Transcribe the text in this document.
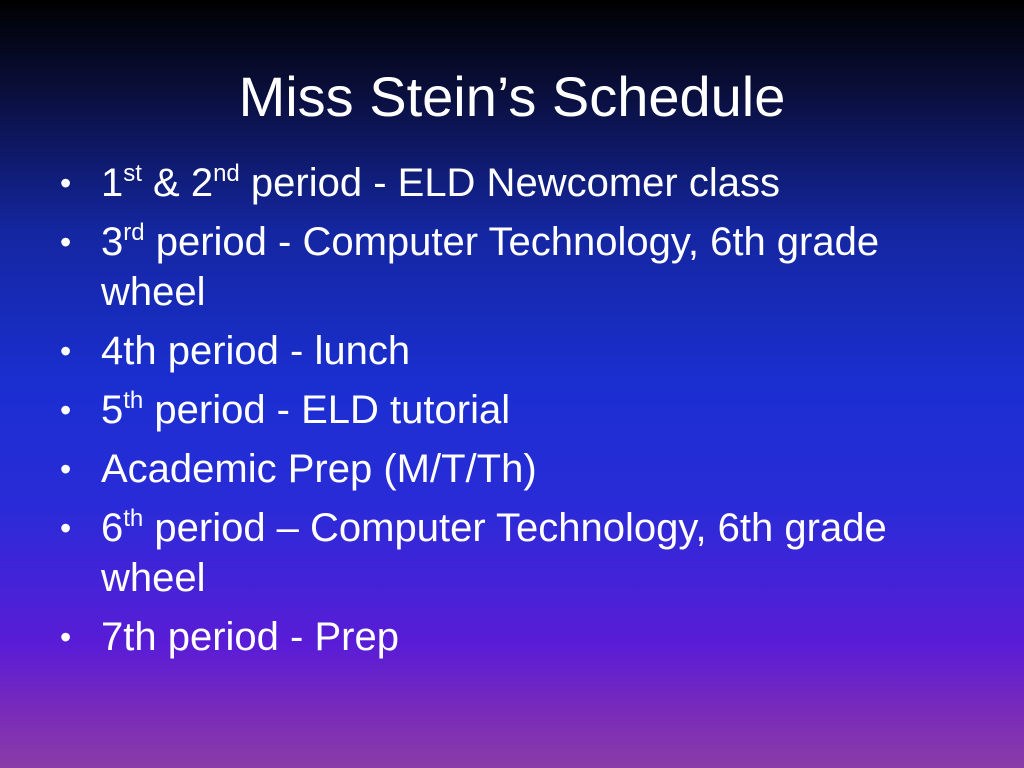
Miss Stein’s Schedule
• 1st & 2nd period - ELD Newcomer class
• 3rd period - Computer Technology, 6th grade wheel
• 4th period - lunch
• 5th period - ELD tutorial
• Academic Prep (M/T/Th)
• 6th period – Computer Technology, 6th grade wheel
• 7th period - Prep
